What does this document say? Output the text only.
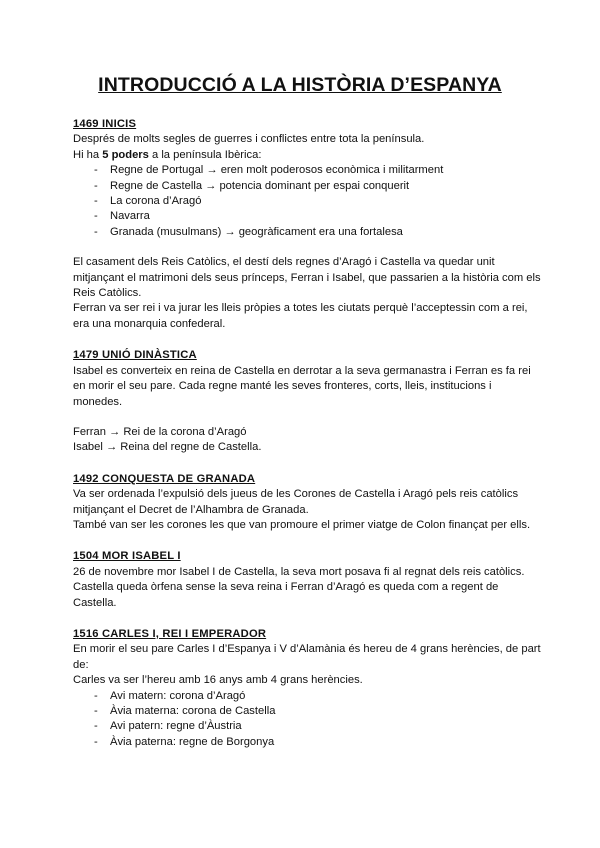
INTRODUCCIÓ A LA HISTÒRIA D’ESPANYA
1469 INICIS

Després de molts segles de guerres i conflictes entre tota la península.

Hi ha 5 poders a la península Ibèrica:

- Regne de Portugal → eren molt poderosos econòmica i militarment
- Regne de Castella → potencia dominant per espai conquerit
- La corona d’Aragó
- Navarra
- Granada (musulmans) → geogràficament era una fortalesa

El casament dels Reis Catòlics, el destí dels regnes d’Aragó i Castella va quedar unit mitjançant el matrimoni dels seus prínceps, Ferran i Isabel, que passarien a la història com els Reis Catòlics.

Ferran va ser rei i va jurar les lleis pròpies a totes les ciutats perquè l’acceptessin com a rei, era una monarquia confederal.

1479 UNIÓ DINÀSTICA

Isabel es converteix en reina de Castella en derrotar a la seva germanastra i Ferran es fa rei en morir el seu pare. Cada regne manté les seves fronteres, corts, lleis, institucions i monedes.

Ferran → Rei de la corona d’Aragó

Isabel → Reina del regne de Castella.

1492 CONQUESTA DE GRANADA

Va ser ordenada l’expulsió dels jueus de les Corones de Castella i Aragó pels reis catòlics mitjançant el Decret de l’Alhambra de Granada.

També van ser les corones les que van promoure el primer viatge de Colon finançat per ells.

1504 MOR ISABEL I

26 de novembre mor Isabel I de Castella, la seva mort posava fi al regnat dels reis catòlics. Castella queda òrfena sense la seva reina i Ferran d’Aragó es queda com a regent de Castella.

1516 CARLES I, REI I EMPERADOR

En morir el seu pare Carles I d’Espanya i V d’Alamània és hereu de 4 grans herències, de part de:

Carles va ser l’hereu amb 16 anys amb 4 grans herències.

- Avi matern: corona d’Aragó
- Àvia materna: corona de Castella
- Avi patern: regne d’Àustria
- Àvia paterna: regne de Borgonya
